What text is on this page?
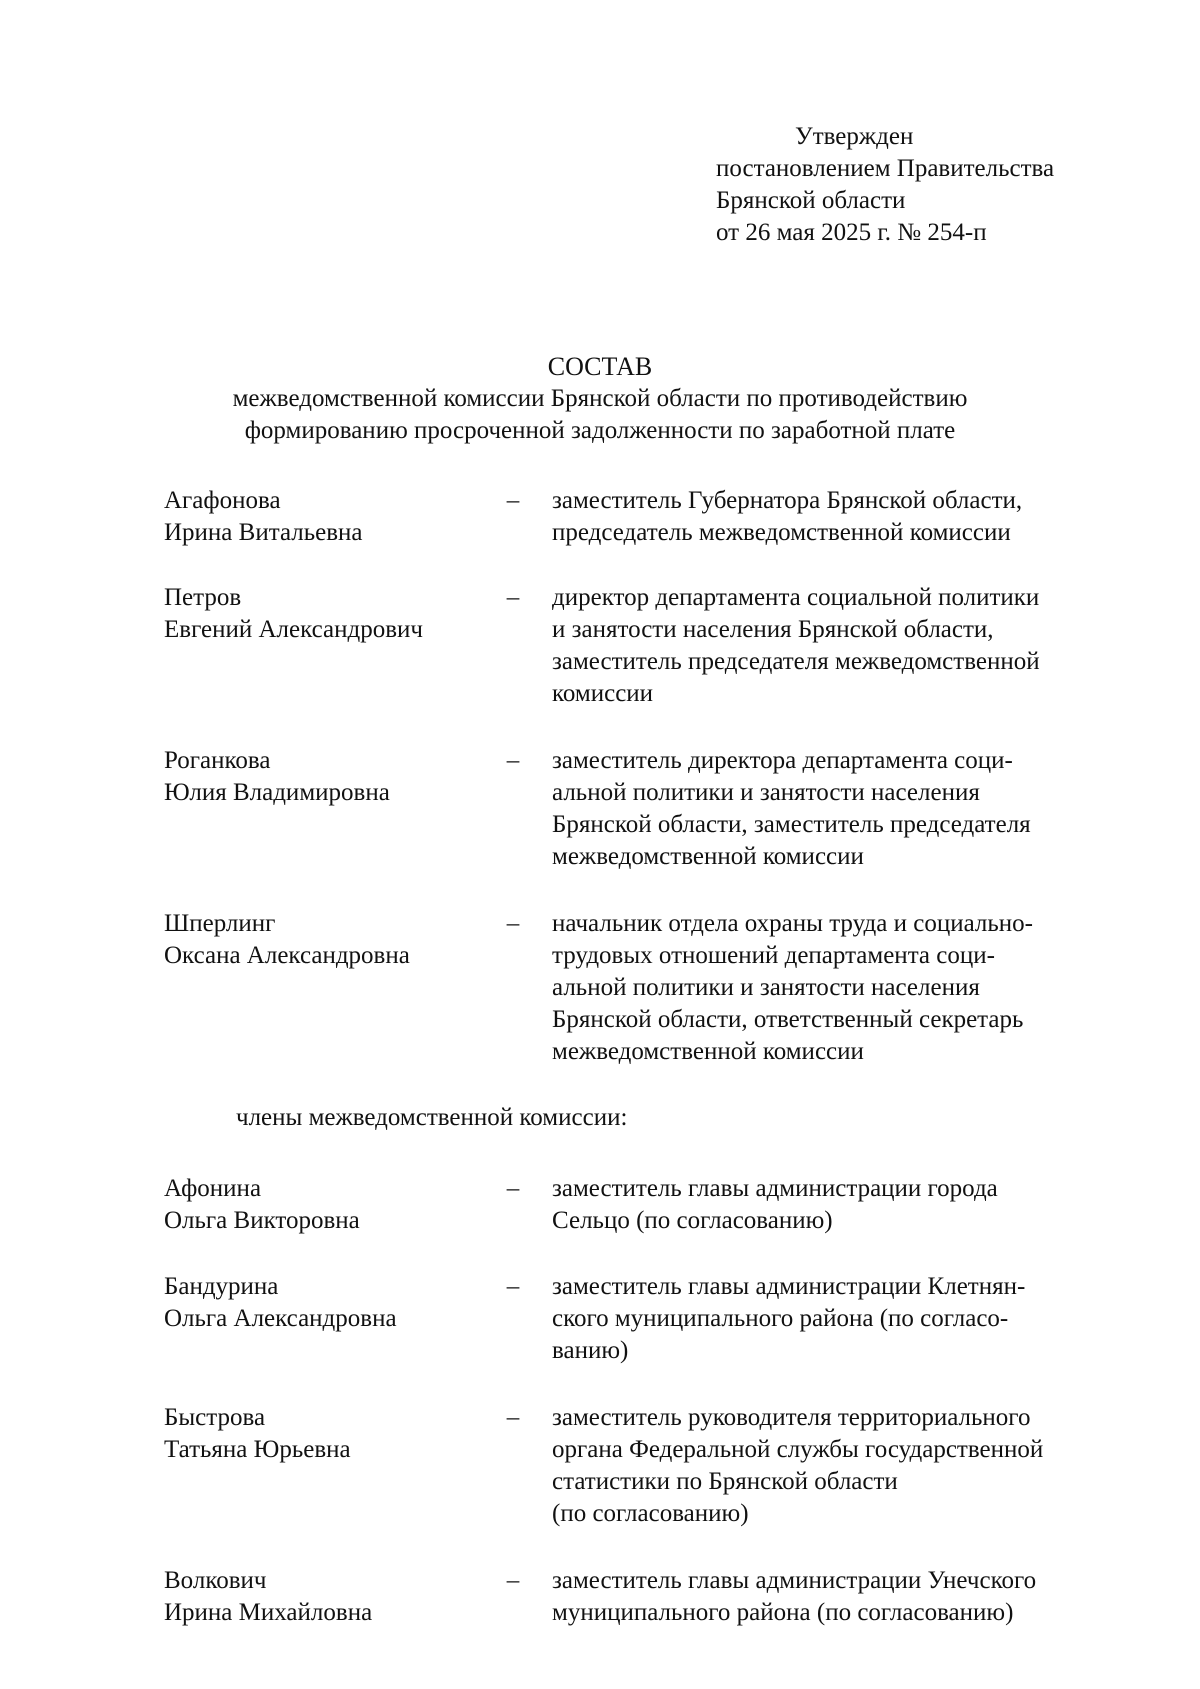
Утвержден
постановлением Правительства
Брянской области
от 26 мая 2025 г. № 254-п
СОСТАВ
межведомственной комиссии Брянской области по противодействию
формированию просроченной задолженности по заработной плате
Агафонова
Ирина Витальевна
– заместитель Губернатора Брянской области,
председатель межведомственной комиссии
Петров
Евгений Александрович
– директор департамента социальной политики
и занятости населения Брянской области,
заместитель председателя межведомственной
комиссии
Роганкова
Юлия Владимировна
– заместитель директора департамента соци-
альной политики и занятости населения
Брянской области, заместитель председателя
межведомственной комиссии
Шперлинг
Оксана Александровна
– начальник отдела охраны труда и социально-
трудовых отношений департамента соци-
альной политики и занятости населения
Брянской области, ответственный секретарь
межведомственной комиссии
члены межведомственной комиссии:
Афонина
Ольга Викторовна
– заместитель главы администрации города
Сельцо (по согласованию)
Бандурина
Ольга Александровна
– заместитель главы администрации Клетнян-
ского муниципального района (по согласо-
ванию)
Быстрова
Татьяна Юрьевна
– заместитель руководителя территориального
органа Федеральной службы государственной
статистики по Брянской области
(по согласованию)
Волкович
Ирина Михайловна
– заместитель главы администрации Унечского
муниципального района (по согласованию)
